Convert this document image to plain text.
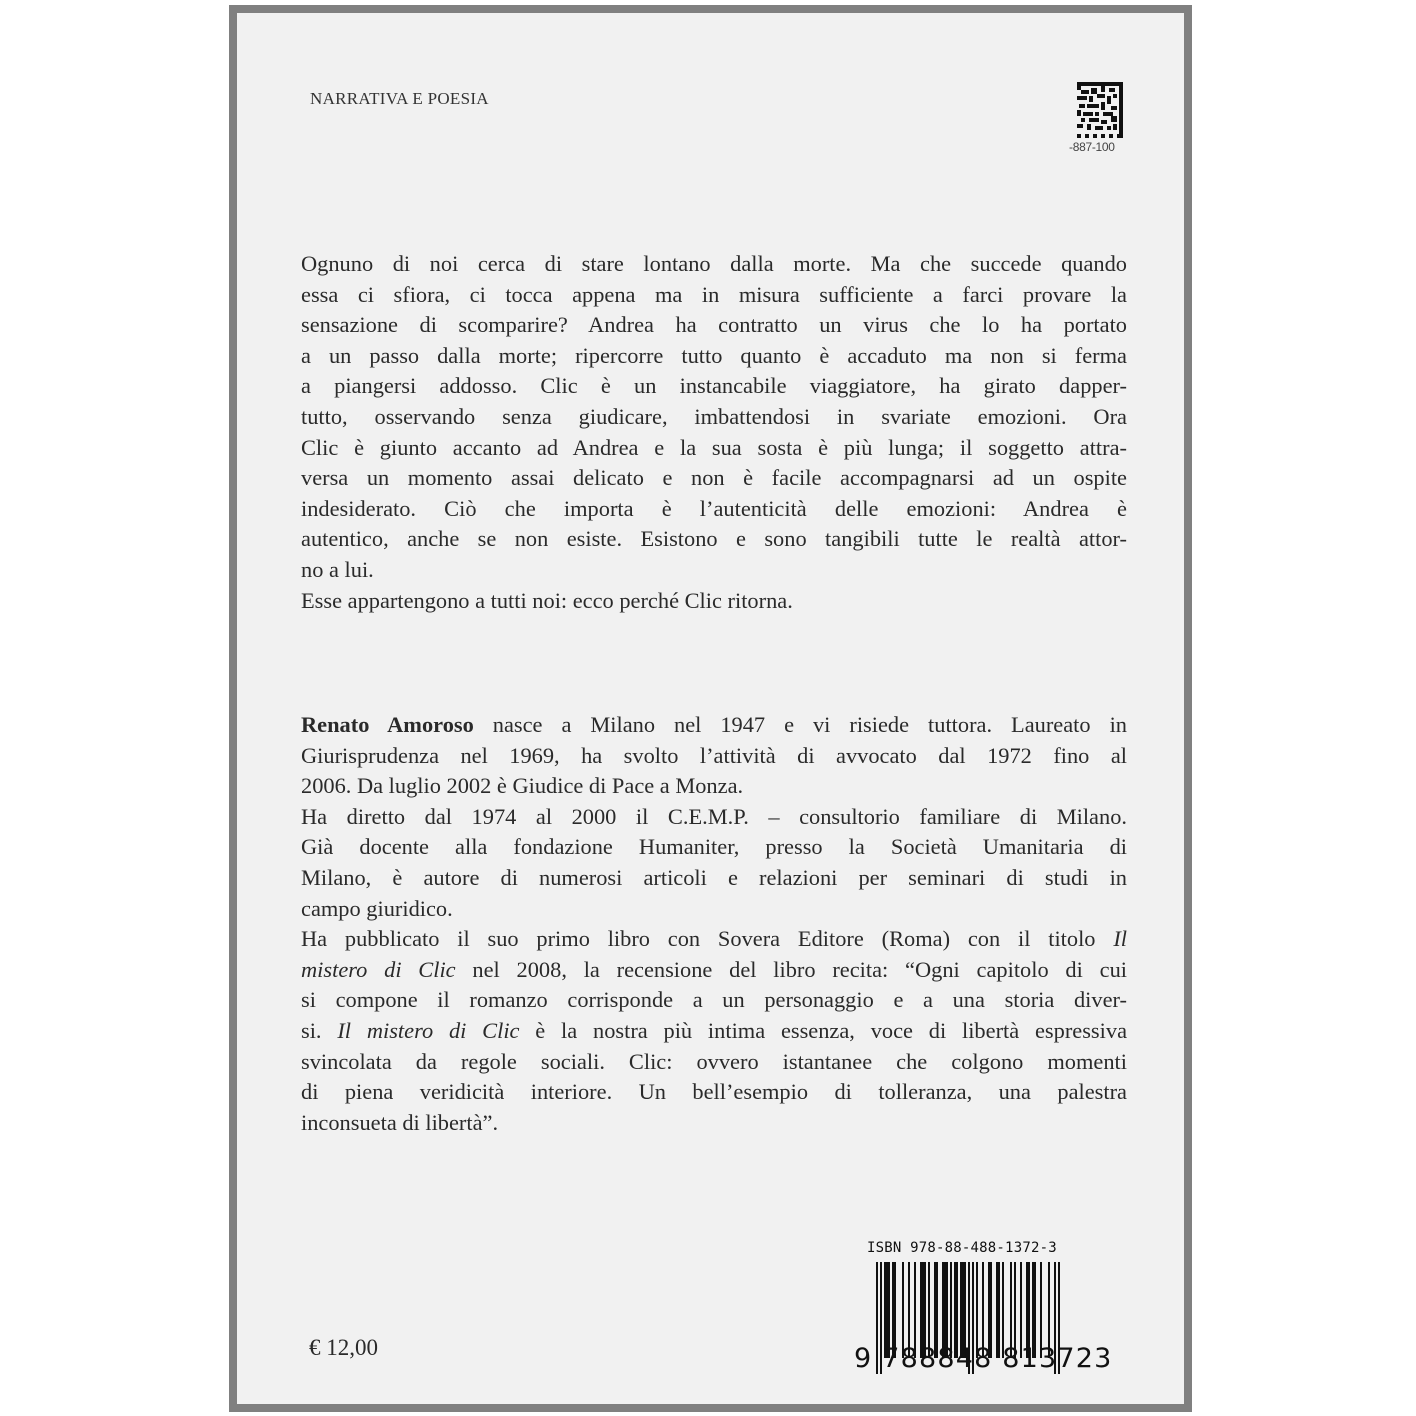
NARRATIVA E POESIA
-887-100
Ognuno di noi cerca di stare lontano dalla morte. Ma che succede quando
essa ci sfiora, ci tocca appena ma in misura sufficiente a farci provare la
sensazione di scomparire? Andrea ha contratto un virus che lo ha portato
a un passo dalla morte; ripercorre tutto quanto è accaduto ma non si ferma
a piangersi addosso. Clic è un instancabile viaggiatore, ha girato dapper-
tutto, osservando senza giudicare, imbattendosi in svariate emozioni. Ora
Clic è giunto accanto ad Andrea e la sua sosta è più lunga; il soggetto attra-
versa un momento assai delicato e non è facile accompagnarsi ad un ospite
indesiderato. Ciò che importa è l’autenticità delle emozioni: Andrea è
autentico, anche se non esiste. Esistono e sono tangibili tutte le realtà attor-
no a lui.
Esse appartengono a tutti noi: ecco perché Clic ritorna.
Renato Amoroso nasce a Milano nel 1947 e vi risiede tuttora. Laureato in
Giurisprudenza nel 1969, ha svolto l’attività di avvocato dal 1972 fino al
2006. Da luglio 2002 è Giudice di Pace a Monza.
Ha diretto dal 1974 al 2000 il C.E.M.P. – consultorio familiare di Milano.
Già docente alla fondazione Humaniter, presso la Società Umanitaria di
Milano, è autore di numerosi articoli e relazioni per seminari di studi in
campo giuridico.
Ha pubblicato il suo primo libro con Sovera Editore (Roma) con il titolo Il
mistero di Clic nel 2008, la recensione del libro recita: “Ogni capitolo di cui
si compone il romanzo corrisponde a un personaggio e a una storia diver-
si. Il mistero di Clic è la nostra più intima essenza, voce di libertà espressiva
svincolata da regole sociali. Clic: ovvero istantanee che colgono momenti
di piena veridicità interiore. Un bell’esempio di tolleranza, una palestra
inconsueta di libertà”.
ISBN 978-88-488-1372-3
9 788848 813723
€ 12,00
